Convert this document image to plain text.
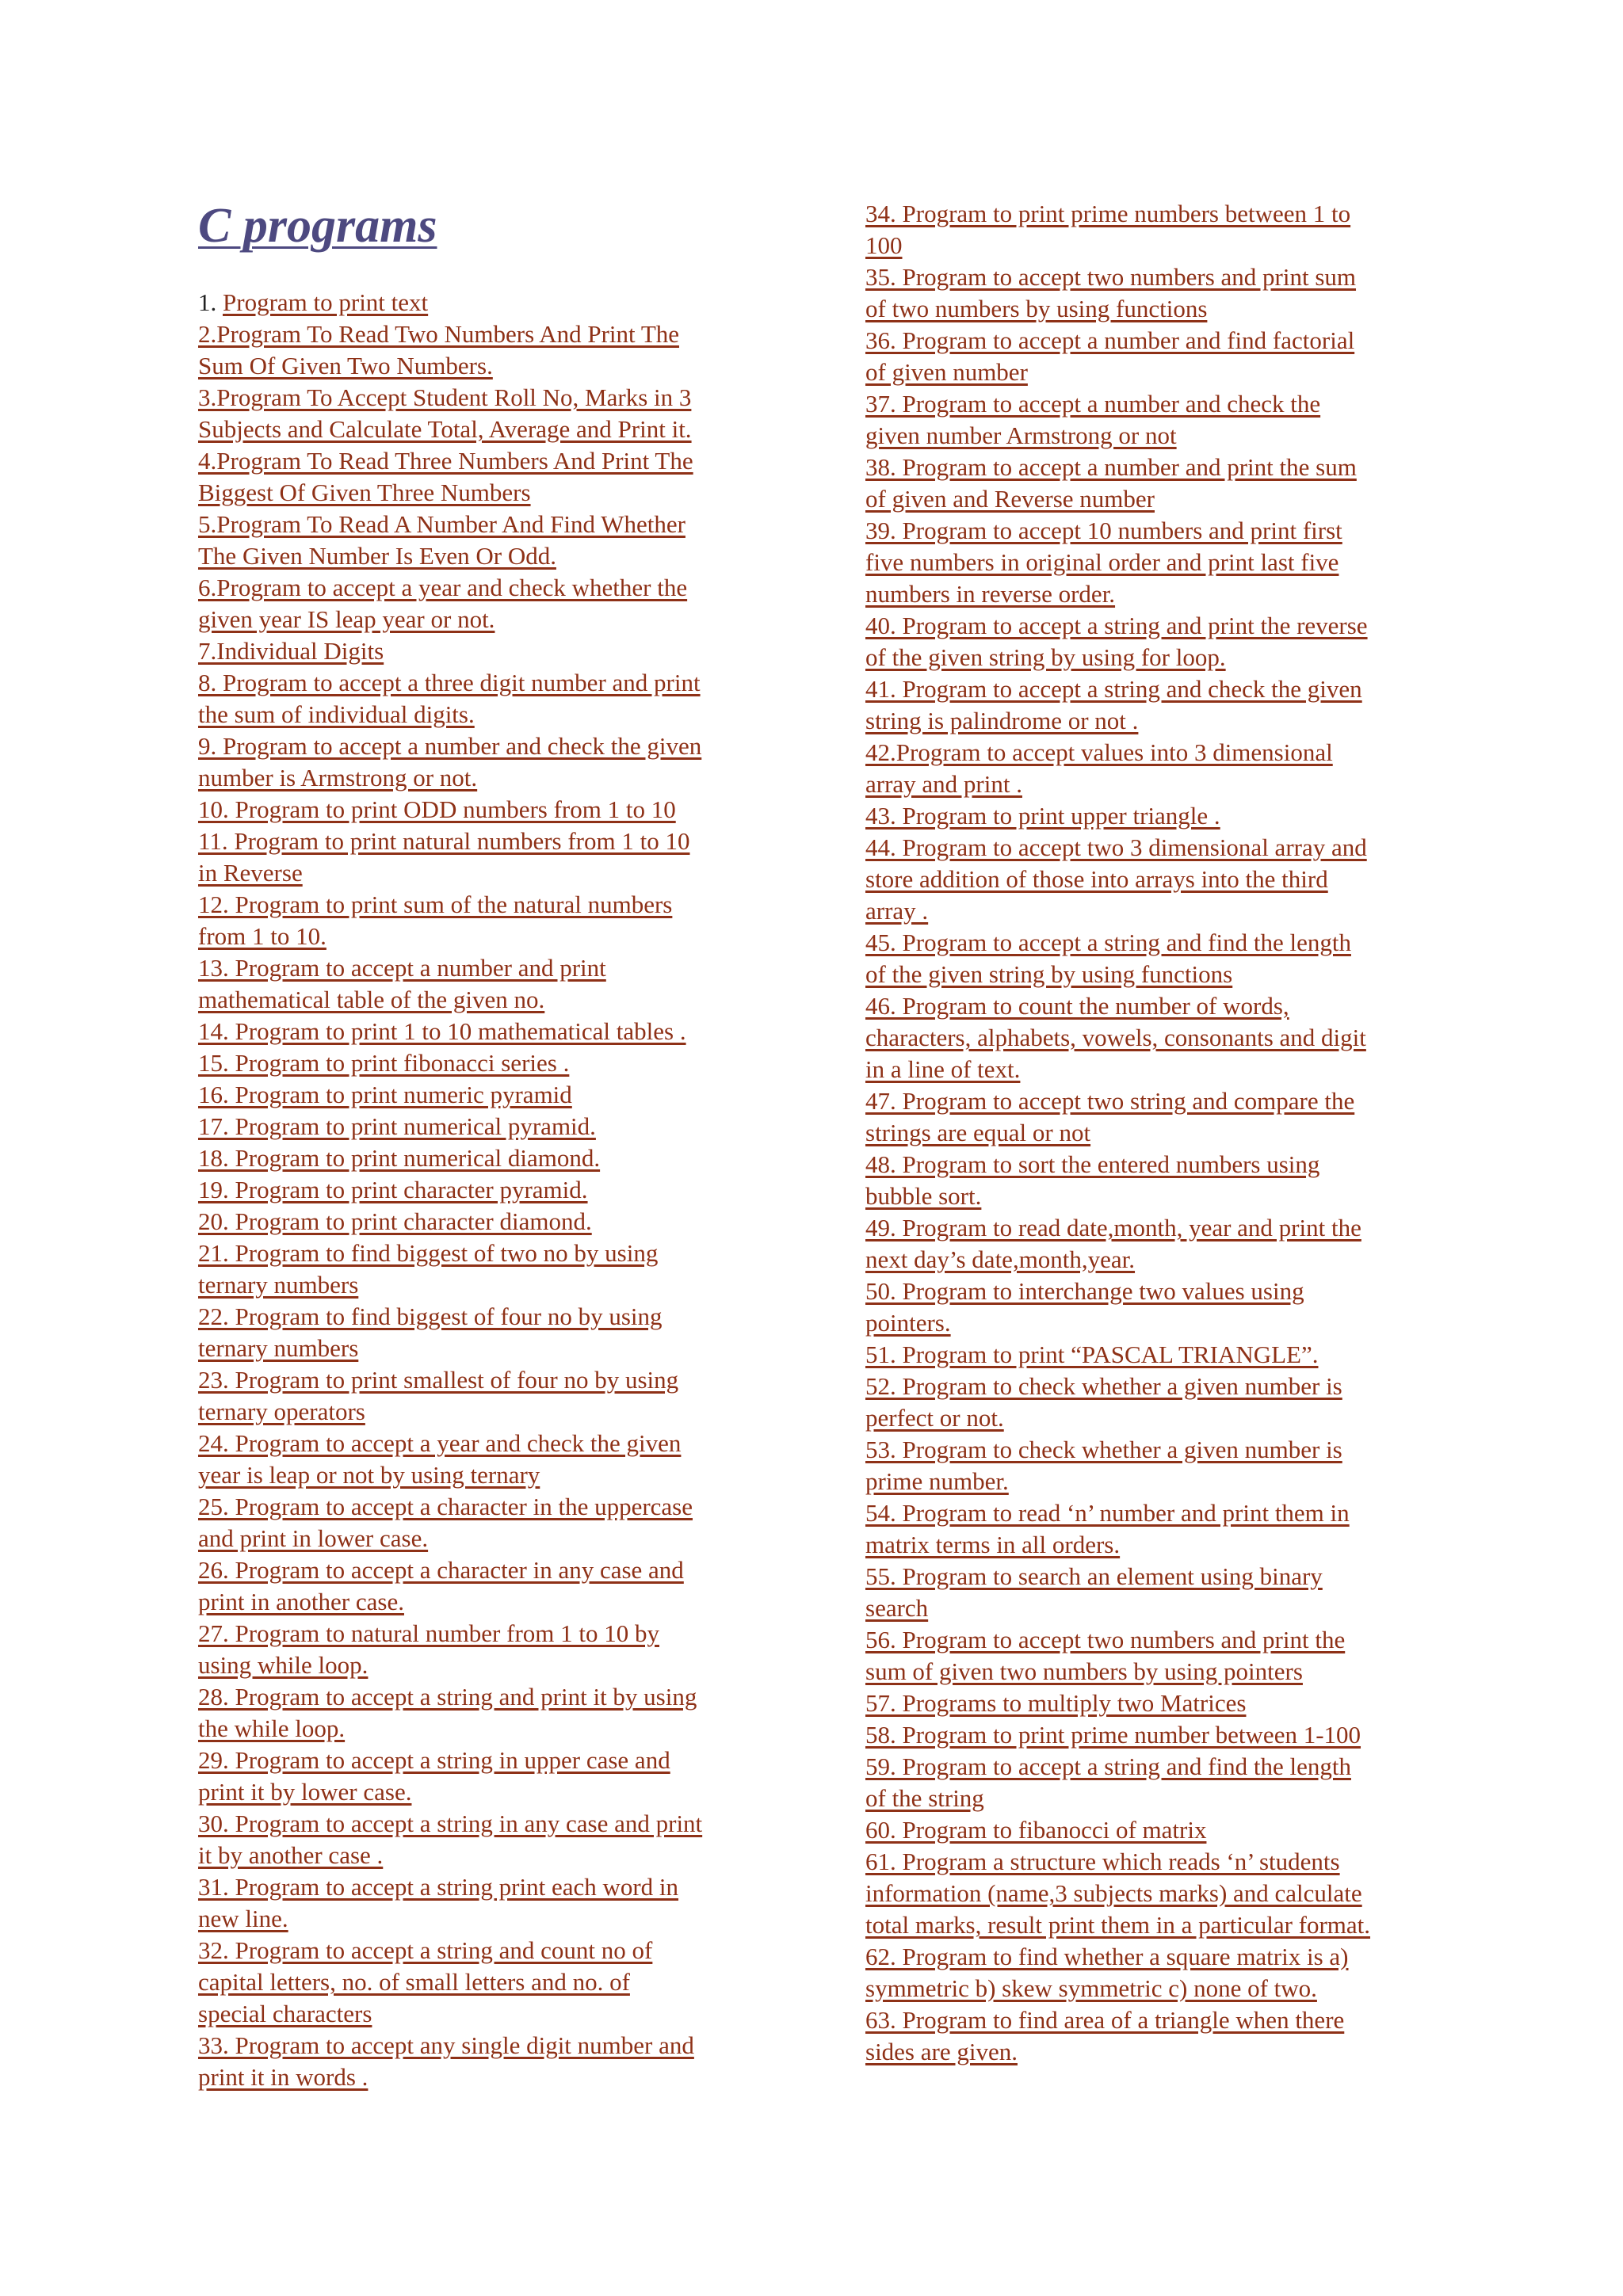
C programs
1. Program to print text
2.Program To Read Two Numbers And Print The
Sum Of Given Two Numbers.
3.Program To Accept Student Roll No, Marks in 3
Subjects and Calculate Total, Average and Print it.
4.Program To Read Three Numbers And Print The
Biggest Of Given Three Numbers
5.Program To Read A Number And Find Whether
The Given Number Is Even Or Odd.
6.Program to accept a year and check whether the
given year IS leap year or not.
7.Individual Digits
8. Program to accept a three digit number and print
the sum of individual digits.
9. Program to accept a number and check the given
number is Armstrong or not.
10. Program to print ODD numbers from 1 to 10
11. Program to print natural numbers from 1 to 10
in Reverse
12. Program to print sum of the natural numbers
from 1 to 10.
13. Program to accept a number and print
mathematical table of the given no.
14. Program to print 1 to 10 mathematical tables .
15. Program to print fibonacci series .
16. Program to print numeric pyramid
17. Program to print numerical pyramid.
18. Program to print numerical diamond.
19. Program to print character pyramid.
20. Program to print character diamond.
21. Program to find biggest of two no by using
ternary numbers
22. Program to find biggest of four no by using
ternary numbers
23. Program to print smallest of four no by using
ternary operators
24. Program to accept a year and check the given
year is leap or not by using ternary
25. Program to accept a character in the uppercase
and print in lower case.
26. Program to accept a character in any case and
print in another case.
27. Program to natural number from 1 to 10 by
using while loop.
28. Program to accept a string and print it by using
the while loop.
29. Program to accept a string in upper case and
print it by lower case.
30. Program to accept a string in any case and print
it by another case .
31. Program to accept a string print each word in
new line.
32. Program to accept a string and count no of
capital letters, no. of small letters and no. of
special characters
33. Program to accept any single digit number and
print it in words .
34. Program to print prime numbers between 1 to
100
35. Program to accept two numbers and print sum
of two numbers by using functions
36. Program to accept a number and find factorial
of given number
37. Program to accept a number and check the
given number Armstrong or not
38. Program to accept a number and print the sum
of given and Reverse number
39. Program to accept 10 numbers and print first
five numbers in original order and print last five
numbers in reverse order.
40. Program to accept a string and print the reverse
of the given string by using for loop.
41. Program to accept a string and check the given
string is palindrome or not .
42.Program to accept values into 3 dimensional
array and print .
43. Program to print upper triangle .
44. Program to accept two 3 dimensional array and
store addition of those into arrays into the third
array .
45. Program to accept a string and find the length
of the given string by using functions
46. Program to count the number of words,
characters, alphabets, vowels, consonants and digit
in a line of text.
47. Program to accept two string and compare the
strings are equal or not
48. Program to sort the entered numbers using
bubble sort.
49. Program to read date,month, year and print the
next day’s date,month,year.
50. Program to interchange two values using
pointers.
51. Program to print “PASCAL TRIANGLE”.
52. Program to check whether a given number is
perfect or not.
53. Program to check whether a given number is
prime number.
54. Program to read ‘n’ number and print them in
matrix terms in all orders.
55. Program to search an element using binary
search
56. Program to accept two numbers and print the
sum of given two numbers by using pointers
57. Programs to multiply two Matrices
58. Program to print prime number between 1-100
59. Program to accept a string and find the length
of the string
60. Program to fibanocci of matrix
61. Program a structure which reads ‘n’ students
information (name,3 subjects marks) and calculate
total marks, result print them in a particular format.
62. Program to find whether a square matrix is a)
symmetric b) skew symmetric c) none of two.
63. Program to find area of a triangle when there
sides are given.
